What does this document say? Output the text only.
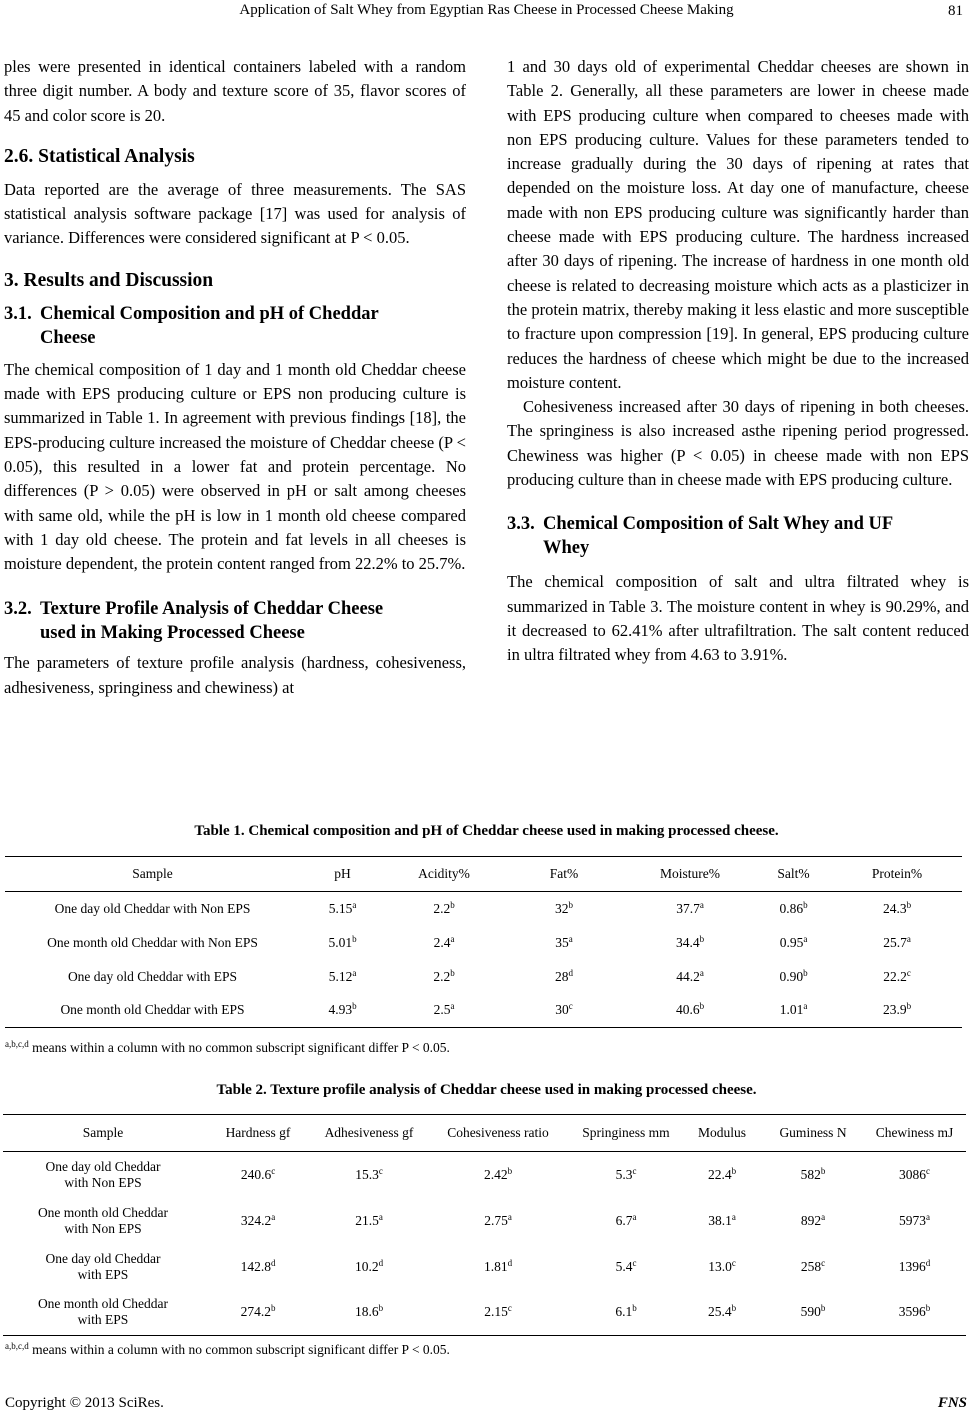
Application of Salt Whey from Egyptian Ras Cheese in Processed Cheese Making	81

ples were presented in identical containers labeled with a random three digit number. A body and texture score of 35, flavor scores of 45 and color score is 20.

2.6. Statistical Analysis

Data reported are the average of three measurements. The SAS statistical analysis software package [17] was used for analysis of variance. Differences were considered significant at P < 0.05.

3. Results and Discussion
3.1. Chemical Composition and pH of Cheddar
Cheese

The chemical composition of 1 day and 1 month old Cheddar cheese made with EPS producing culture or EPS non producing culture is summarized in Table 1. In agreement with previous findings [18], the EPS-producing culture increased the moisture of Cheddar cheese (P < 0.05), this resulted in a lower fat and protein percentage. No differences (P > 0.05) were observed in pH or salt among cheeses with same old, while the pH is low in 1 month old cheese compared with 1 day old cheese. The protein and fat levels in all cheeses is moisture dependent, the protein content ranged from 22.2% to 25.7%.

3.2. Texture Profile Analysis of Cheddar Cheese
used in Making Processed Cheese

The parameters of texture profile analysis (hardness, cohesiveness, adhesiveness, springiness and chewiness) at

1 and 30 days old of experimental Cheddar cheeses are shown in Table 2. Generally, all these parameters are lower in cheese made with EPS producing culture when compared to cheeses made with non EPS producing culture. Values for these parameters tended to increase gradually during the 30 days of ripening at rates that depended on the moisture loss. At day one of manufacture, cheese made with non EPS producing culture was significantly harder than cheese made with EPS producing culture. The hardness increased after 30 days of ripening. The increase of hardness in one month old cheese is related to decreasing moisture which acts as a plasticizer in the protein matrix, thereby making it less elastic and more susceptible to fracture upon compression [19]. In general, EPS producing culture reduces the hardness of cheese which might be due to the increased moisture content.

Cohesiveness increased after 30 days of ripening in both cheeses. The springiness is also increased asthe ripening period progressed. Chewiness was higher (P < 0.05) in cheese made with non EPS producing culture than in cheese made with EPS producing culture.

3.3. Chemical Composition of Salt Whey and UF
Whey

The chemical composition of salt and ultra filtrated whey is summarized in Table 3. The moisture content in whey is 90.29%, and it decreased to 62.41% after ultrafiltration. The salt content reduced in ultra filtrated whey from 4.63 to 3.91%.

Table 1. Chemical composition and pH of Cheddar cheese used in making processed cheese.
Sample	pH	Acidity%	Fat%	Moisture%	Salt%	Protein%
One day old Cheddar with Non EPS	5.15$^a$	2.2$^b$	32$^b$	37.7$^a$	0.86$^b$	24.3$^b$
One month old Cheddar with Non EPS	5.01$^b$	2.4$^a$	35$^a$	34.4$^b$	0.95$^a$	25.7$^a$
One day old Cheddar with EPS	5.12$^a$	2.2$^b$	28$^d$	44.2$^a$	0.90$^b$	22.2$^c$
One month old Cheddar with EPS	4.93$^b$	2.5$^a$	30$^c$	40.6$^b$	1.01$^a$	23.9$^b$
$^{a,b,c,d}$ means within a column with no common subscript significant differ P < 0.05.
Table 2. Texture profile analysis of Cheddar cheese used in making processed cheese.
Sample	Hardness gf	Adhesiveness gf	Cohesiveness ratio	Springiness mm	Modulus	Guminess N	Chewiness mJ
One day old Cheddar
with Non EPS	240.6$^c$	15.3$^c$	2.42$^b$	5.3$^c$	22.4$^b$	582$^b$	3086$^c$
One month old Cheddar
with Non EPS	324.2$^a$	21.5$^a$	2.75$^a$	6.7$^a$	38.1$^a$	892$^a$	5973$^a$
One day old Cheddar
with EPS	142.8$^d$	10.2$^d$	1.81$^d$	5.4$^c$	13.0$^c$	258$^c$	1396$^d$
One month old Cheddar
with EPS	274.2$^b$	18.6$^b$	2.15$^c$	6.1$^b$	25.4$^b$	590$^b$	3596$^b$
$^{a,b,c,d}$ means within a column with no common subscript significant differ P < 0.05.
Copyright © 2013 SciRes.	FNS
